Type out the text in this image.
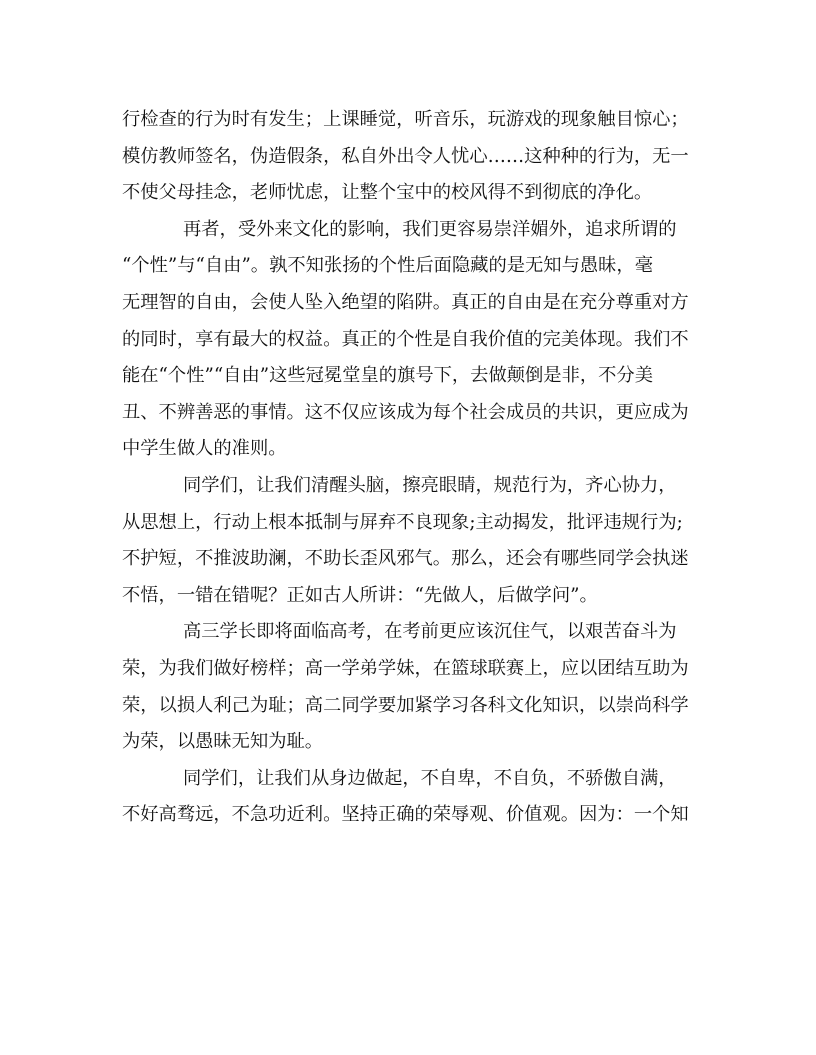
行检查的行为时有发生；上课睡觉，听音乐，玩游戏的现象触目惊心；
模仿教师签名，伪造假条，私自外出令人忧心……这种种的行为，无一
不使父母挂念，老师忧虑，让整个宝中的校风得不到彻底的净化。
再者，受外来文化的影响，我们更容易崇洋媚外，追求所谓的
“个性”与“自由”。孰不知张扬的个性后面隐藏的是无知与愚昧，毫
无理智的自由，会使人坠入绝望的陷阱。真正的自由是在充分尊重对方
的同时，享有最大的权益。真正的个性是自我价值的完美体现。我们不
能在“个性”“自由”这些冠冕堂皇的旗号下，去做颠倒是非，不分美
丑、不辨善恶的事情。这不仅应该成为每个社会成员的共识，更应成为
中学生做人的准则。
同学们，让我们清醒头脑，擦亮眼睛，规范行为，齐心协力，
从思想上，行动上根本抵制与屏弃不良现象;主动揭发，批评违规行为;
不护短，不推波助澜，不助长歪风邪气。那么，还会有哪些同学会执迷
不悟，一错在错呢？正如古人所讲：“先做人，后做学问”。
高三学长即将面临高考，在考前更应该沉住气，以艰苦奋斗为
荣，为我们做好榜样；高一学弟学妹，在篮球联赛上，应以团结互助为
荣，以损人利己为耻；高二同学要加紧学习各科文化知识，以崇尚科学
为荣，以愚昧无知为耻。
同学们，让我们从身边做起，不自卑，不自负，不骄傲自满，
不好高骛远，不急功近利。坚持正确的荣辱观、价值观。因为：一个知
